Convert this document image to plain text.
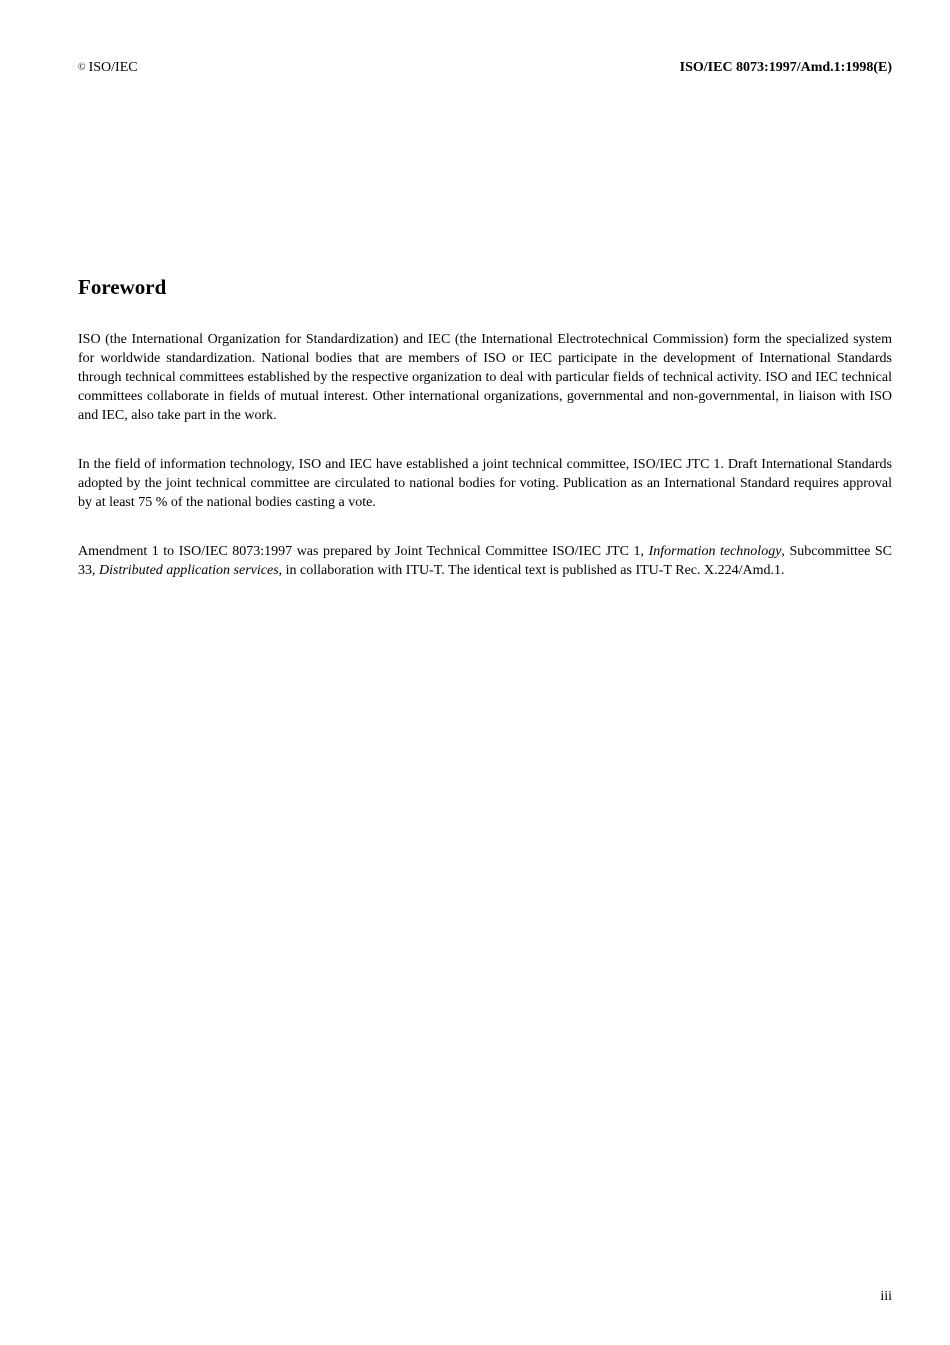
© ISO/IEC	ISO/IEC 8073:1997/Amd.1:1998(E)
Foreword

ISO (the International Organization for Standardization) and IEC (the International Electrotechnical Commission) form the specialized system for worldwide standardization. National bodies that are members of ISO or IEC participate in the development of International Standards through technical committees established by the respective organization to deal with particular fields of technical activity. ISO and IEC technical committees collaborate in fields of mutual interest. Other international organizations, governmental and non-governmental, in liaison with ISO and IEC, also take part in the work.

In the field of information technology, ISO and IEC have established a joint technical committee, ISO/IEC JTC 1. Draft International Standards adopted by the joint technical committee are circulated to national bodies for voting. Publication as an International Standard requires approval by at least 75 % of the national bodies casting a vote.

Amendment 1 to ISO/IEC 8073:1997 was prepared by Joint Technical Committee ISO/IEC JTC 1, Information technology, Subcommittee SC 33, Distributed application services, in collaboration with ITU-T. The identical text is published as ITU-T Rec. X.224/Amd.1.

iii
